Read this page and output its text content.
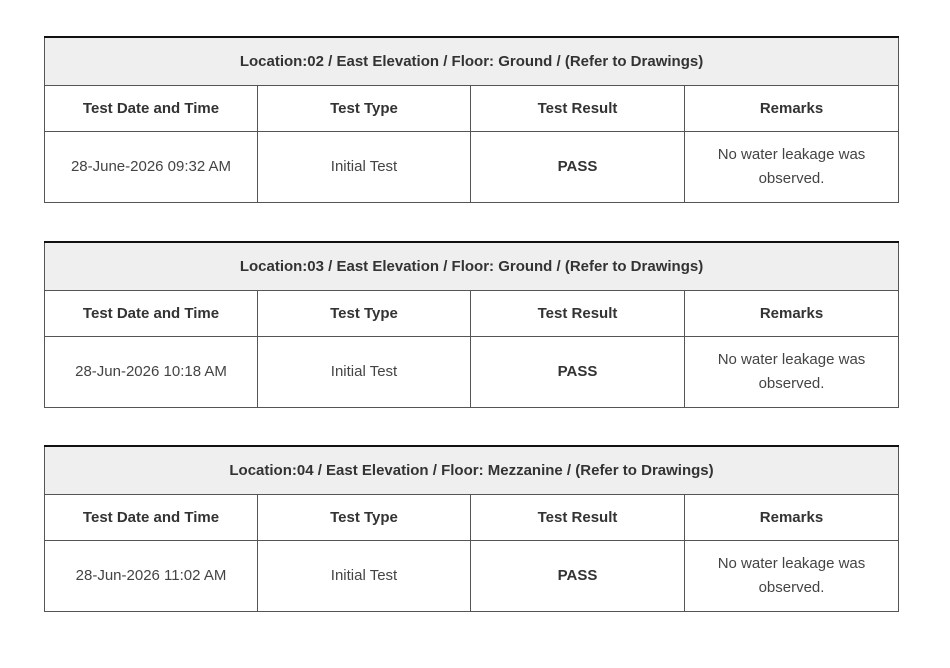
Location:02 / East Elevation / Floor: Ground / (Refer to Drawings)			
Test Date and Time	Test Type	Test Result	Remarks
28-June-2026 09:32 AM	Initial Test	PASS	No water leakage was observed.
Location:03 / East Elevation / Floor: Ground / (Refer to Drawings)			
Test Date and Time	Test Type	Test Result	Remarks
28-Jun-2026 10:18 AM	Initial Test	PASS	No water leakage was observed.
Location:04 / East Elevation / Floor: Mezzanine / (Refer to Drawings)			
Test Date and Time	Test Type	Test Result	Remarks
28-Jun-2026 11:02 AM	Initial Test	PASS	No water leakage was observed.
